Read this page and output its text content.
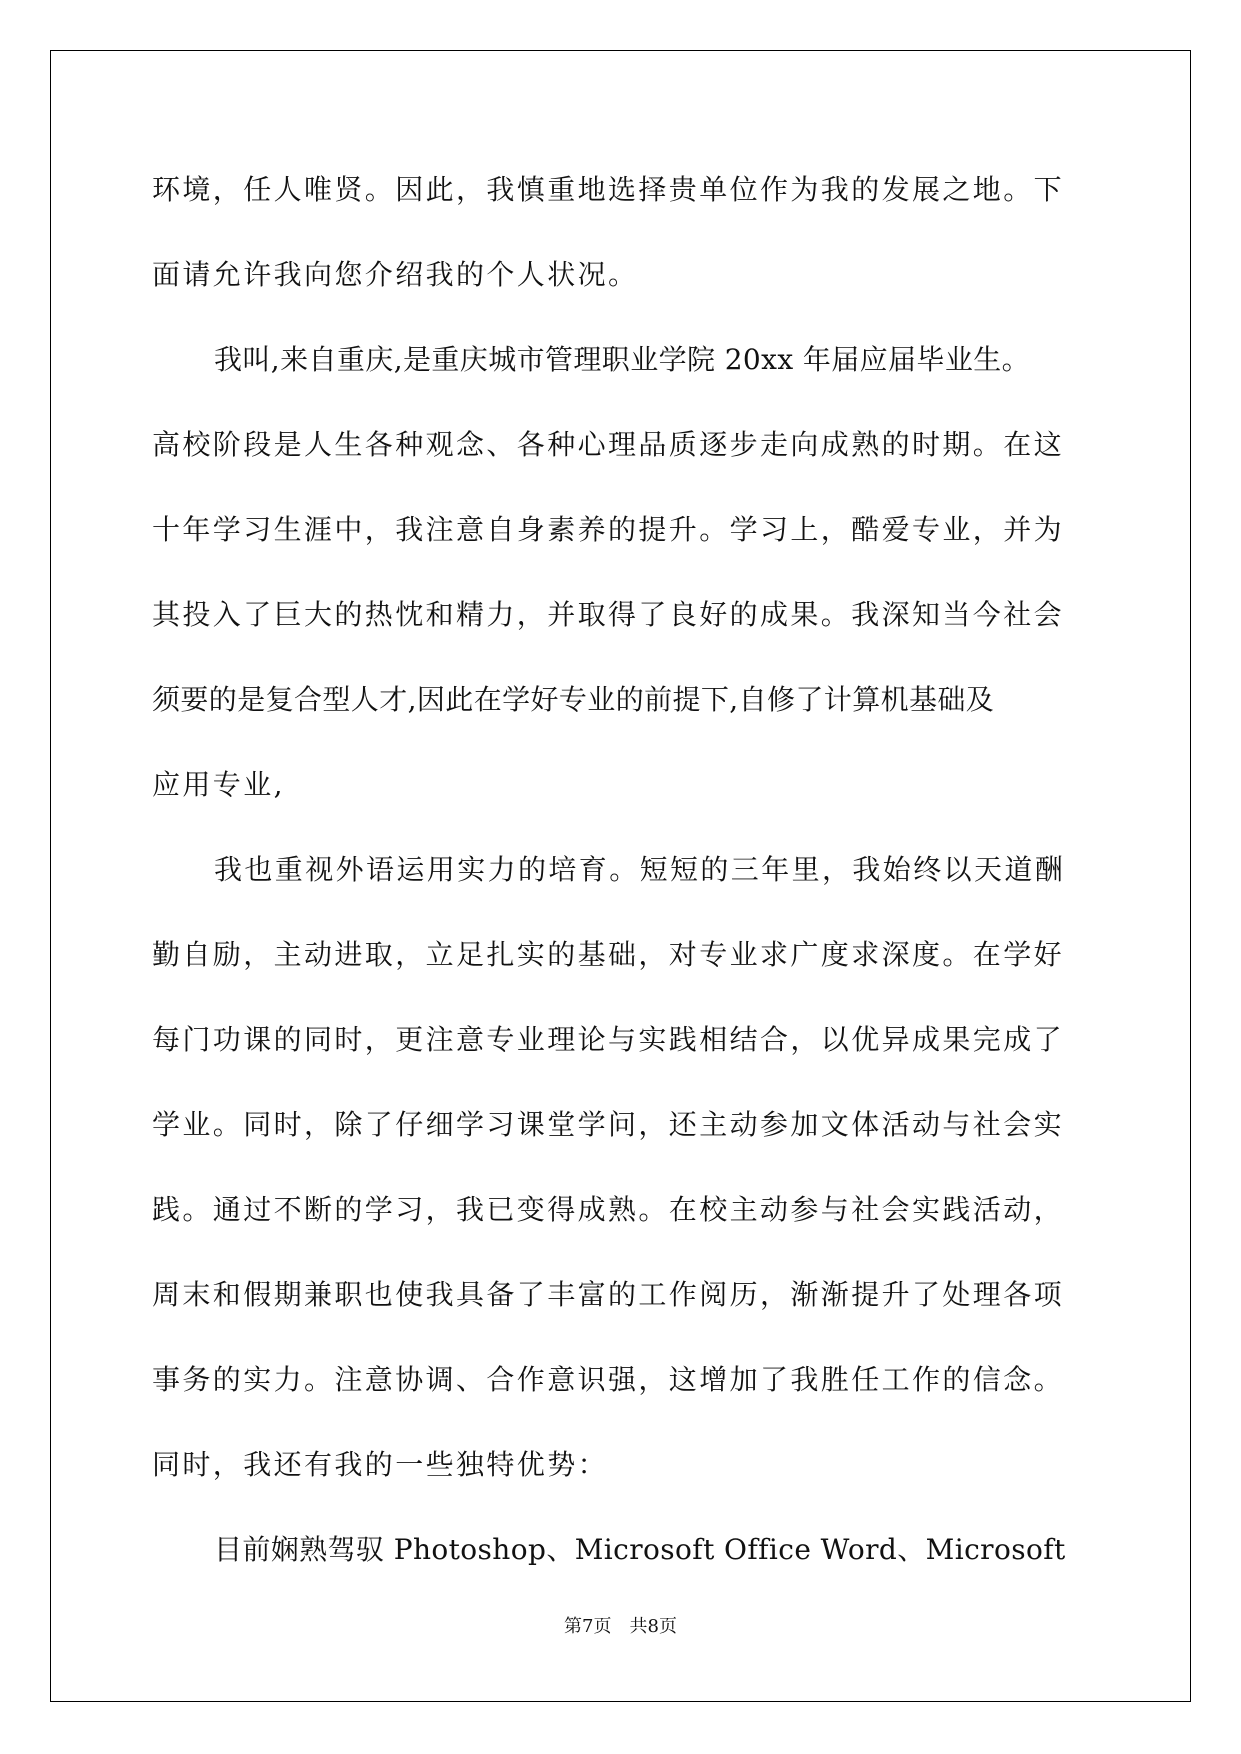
环境，任人唯贤。因此，我慎重地选择贵单位作为我的发展之地。下
面请允许我向您介绍我的个人状况。
我叫,来自重庆,是重庆城市管理职业学院 20xx 年届应届毕业生。
高校阶段是人生各种观念、各种心理品质逐步走向成熟的时期。在这
十年学习生涯中，我注意自身素养的提升。学习上，酷爱专业，并为
其投入了巨大的热忱和精力，并取得了良好的成果。我深知当今社会
须要的是复合型人才,因此在学好专业的前提下,自修了计算机基础及
应用专业,
我也重视外语运用实力的培育。短短的三年里，我始终以天道酬
勤自励，主动进取，立足扎实的基础，对专业求广度求深度。在学好
每门功课的同时，更注意专业理论与实践相结合，以优异成果完成了
学业。同时，除了仔细学习课堂学问，还主动参加文体活动与社会实
践。通过不断的学习，我已变得成熟。在校主动参与社会实践活动，
周末和假期兼职也使我具备了丰富的工作阅历，渐渐提升了处理各项
事务的实力。注意协调、合作意识强，这增加了我胜任工作的信念。
同时，我还有我的一些独特优势：
目前娴熟驾驭 Photoshop、Microsoft Office Word、Microsoft
第7页　共8页
